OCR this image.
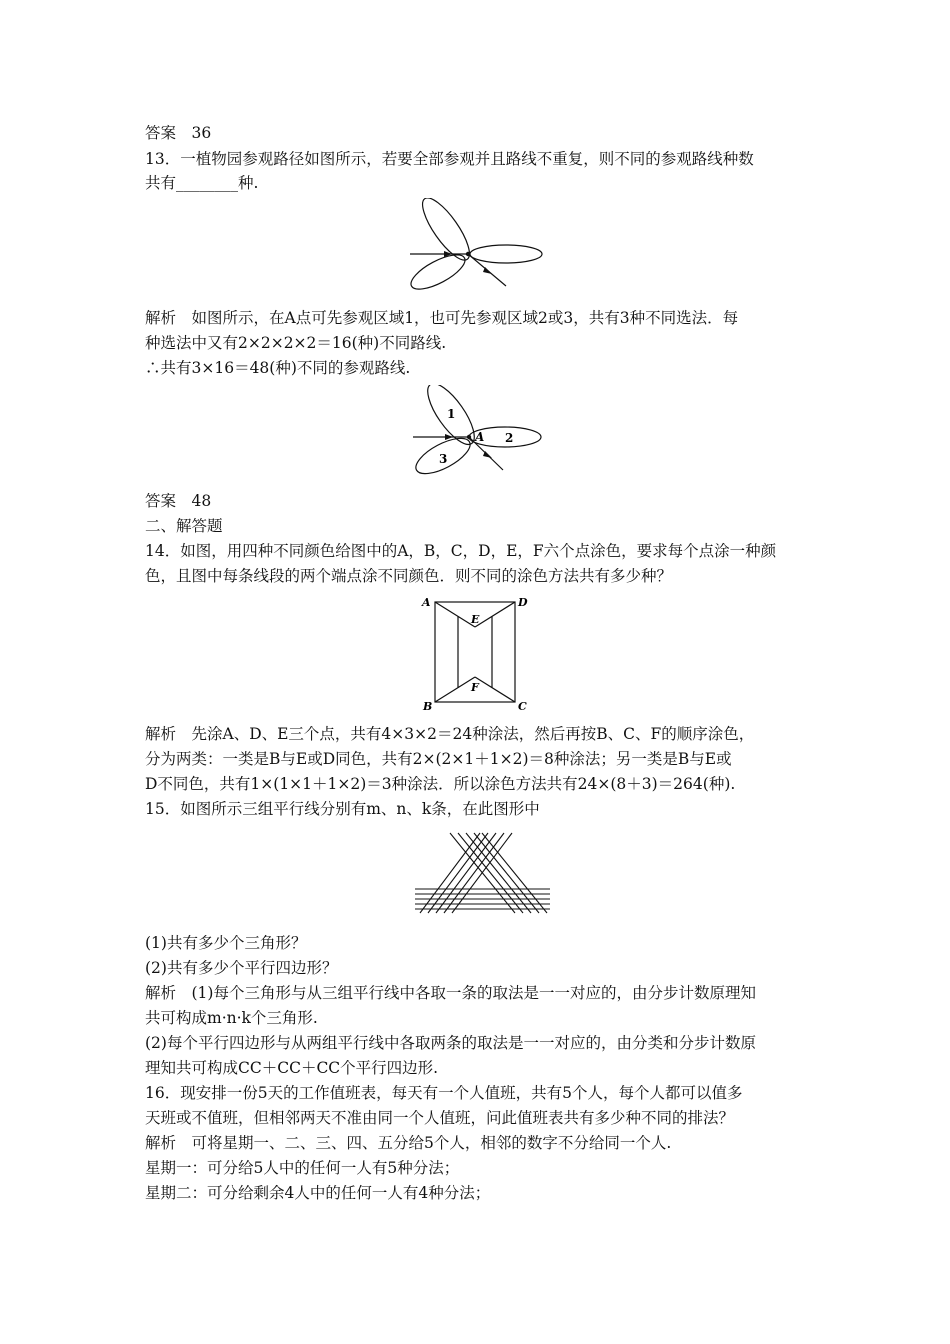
答案　36
13．一植物园参观路径如图所示，若要全部参观并且路线不重复，则不同的参观路线种数
共有________种.
解析　如图所示，在A点可先参观区域1，也可先参观区域2或3，共有3种不同选法．每
种选法中又有2×2×2×2＝16(种)不同路线.
∴共有3×16＝48(种)不同的参观路线.
1
A 2
3
答案　48
二、解答题
14．如图，用四种不同颜色给图中的A，B，C，D，E，F六个点涂色，要求每个点涂一种颜
色，且图中每条线段的两个端点涂不同颜色．则不同的涂色方法共有多少种？
A	D
E
F
B	C
解析　先涂A、D、E三个点，共有4×3×2＝24种涂法，然后再按B、C、F的顺序涂色，
分为两类：一类是B与E或D同色，共有2×(2×1＋1×2)＝8种涂法；另一类是B与E或
D不同色，共有1×(1×1＋1×2)＝3种涂法．所以涂色方法共有24×(8＋3)＝264(种).
15．如图所示三组平行线分别有m、n、k条，在此图形中
(1)共有多少个三角形？
(2)共有多少个平行四边形？
解析　(1)每个三角形与从三组平行线中各取一条的取法是一一对应的，由分步计数原理知
共可构成m·n·k个三角形.
(2)每个平行四边形与从两组平行线中各取两条的取法是一一对应的，由分类和分步计数原
理知共可构成CC＋CC＋CC个平行四边形.
16．现安排一份5天的工作值班表，每天有一个人值班，共有5个人，每个人都可以值多
天班或不值班，但相邻两天不准由同一个人值班，问此值班表共有多少种不同的排法？
解析　可将星期一、二、三、四、五分给5个人，相邻的数字不分给同一个人.
星期一：可分给5人中的任何一人有5种分法；
星期二：可分给剩余4人中的任何一人有4种分法；
